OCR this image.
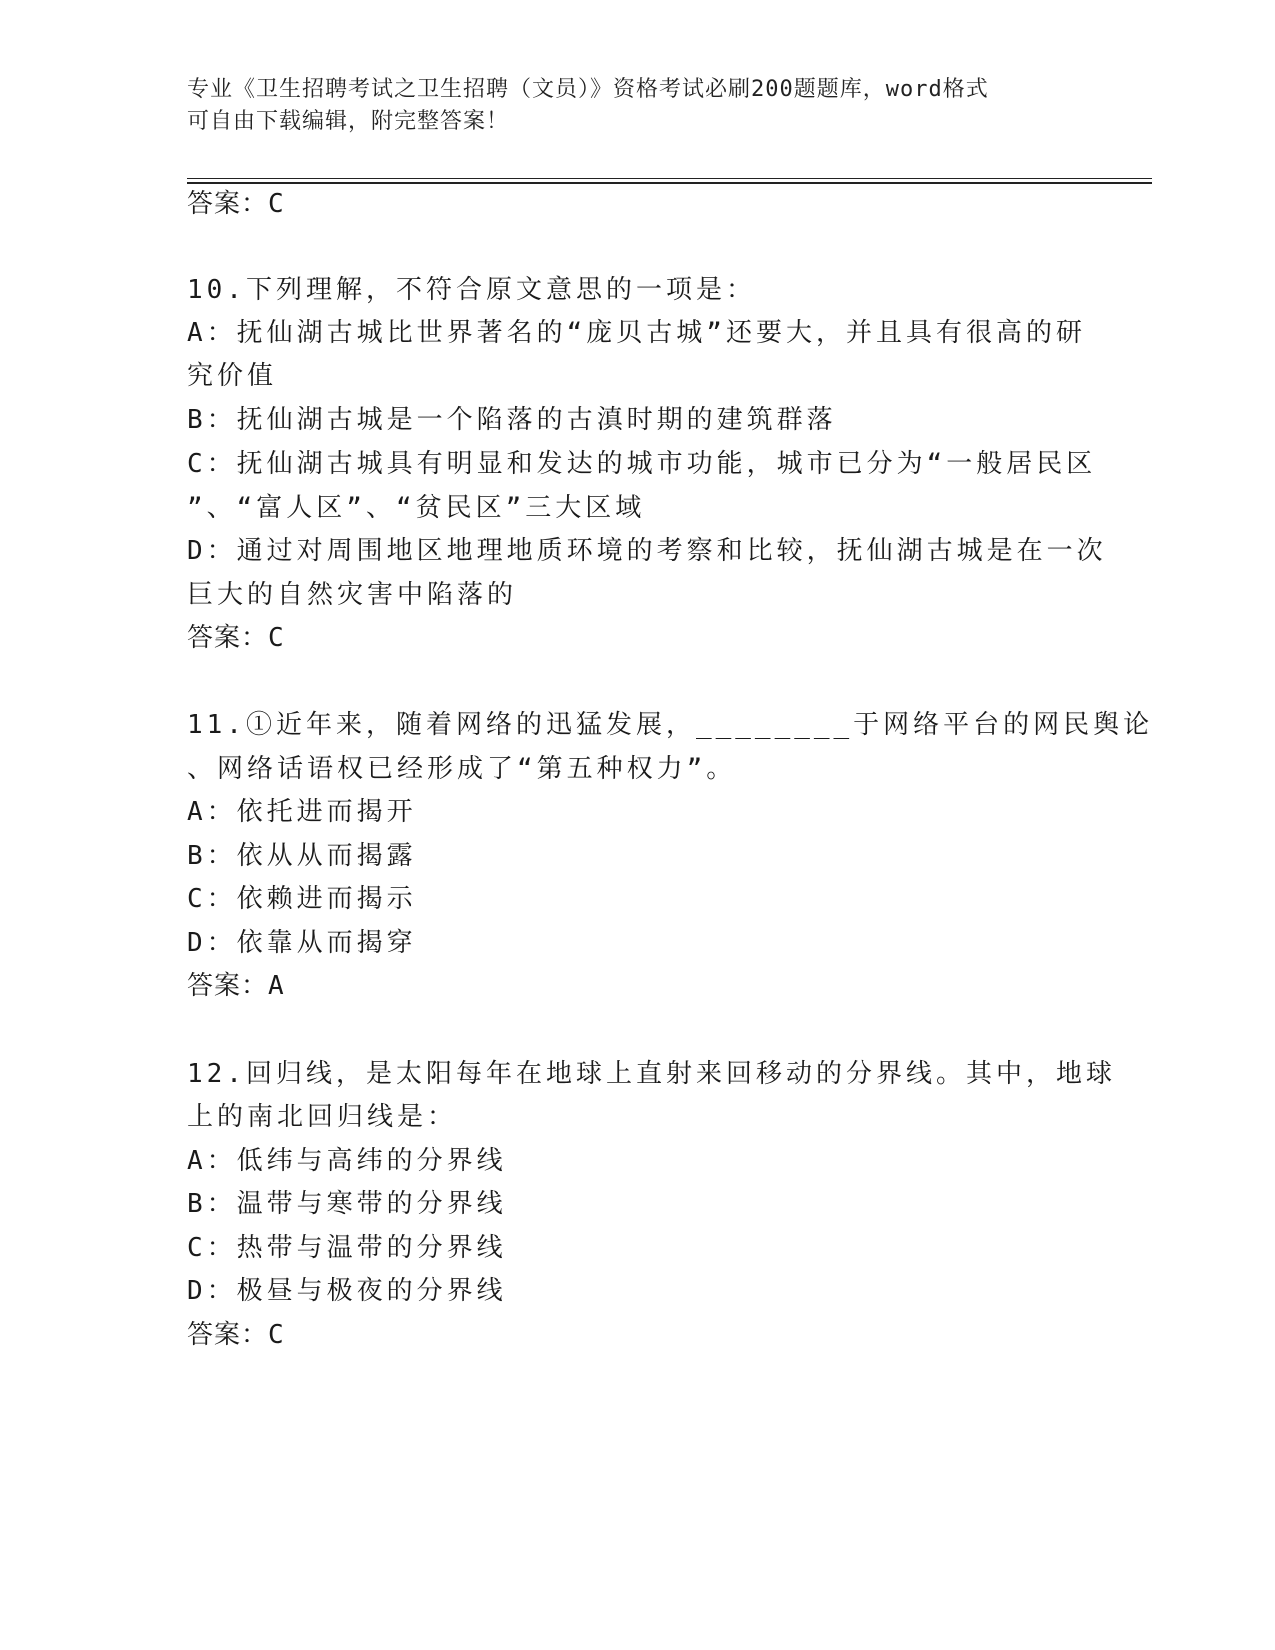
专业《卫生招聘考试之卫生招聘（文员）》资格考试必刷200题题库，word格式
可自由下载编辑，附完整答案！
答案：C
10.下列理解，不符合原文意思的一项是：
A：抚仙湖古城比世界著名的“庞贝古城”还要大，并且具有很高的研
究价值
B：抚仙湖古城是一个陷落的古滇时期的建筑群落
C：抚仙湖古城具有明显和发达的城市功能，城市已分为“一般居民区
”、“富人区”、“贫民区”三大区域
D：通过对周围地区地理地质环境的考察和比较，抚仙湖古城是在一次
巨大的自然灾害中陷落的
答案：C
11.①近年来，随着网络的迅猛发展，________于网络平台的网民舆论
、网络话语权已经形成了“第五种权力”。
A：依托进而揭开
B：依从从而揭露
C：依赖进而揭示
D：依靠从而揭穿
答案：A
12.回归线，是太阳每年在地球上直射来回移动的分界线。其中，地球
上的南北回归线是：
A：低纬与高纬的分界线
B：温带与寒带的分界线
C：热带与温带的分界线
D：极昼与极夜的分界线
答案：C
